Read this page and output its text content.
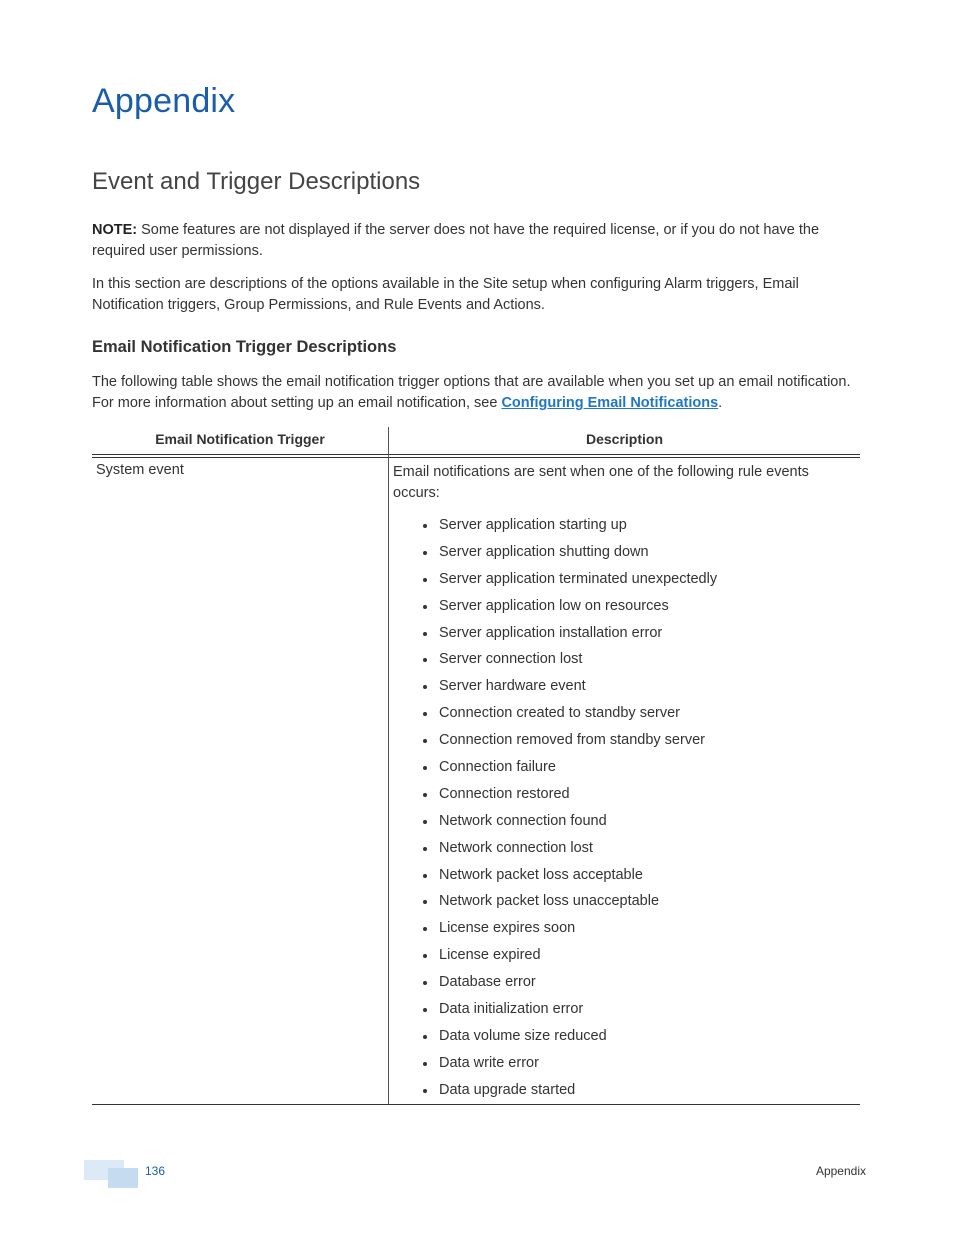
Appendix
Event and Trigger Descriptions

NOTE: Some features are not displayed if the server does not have the required license, or if you do not have the required user permissions.

In this section are descriptions of the options available in the Site setup when configuring Alarm triggers, Email Notification triggers, Group Permissions, and Rule Events and Actions.

Email Notification Trigger Descriptions

The following table shows the email notification trigger options that are available when you set up an email notification. For more information about setting up an email notification, see Configuring Email Notifications.

Email Notification Trigger	Description
System event	Email notifications are sent when one of the following rule events occurs:
Server application starting up
Server application shutting down
Server application terminated unexpectedly
Server application low on resources
Server application installation error
Server connection lost
Server hardware event
Connection created to standby server
Connection removed from standby server
Connection failure
Connection restored
Network connection found
Network connection lost
Network packet loss acceptable
Network packet loss unacceptable
License expires soon
License expired
Database error
Data initialization error
Data volume size reduced
Data write error
Data upgrade started
136	Appendix
